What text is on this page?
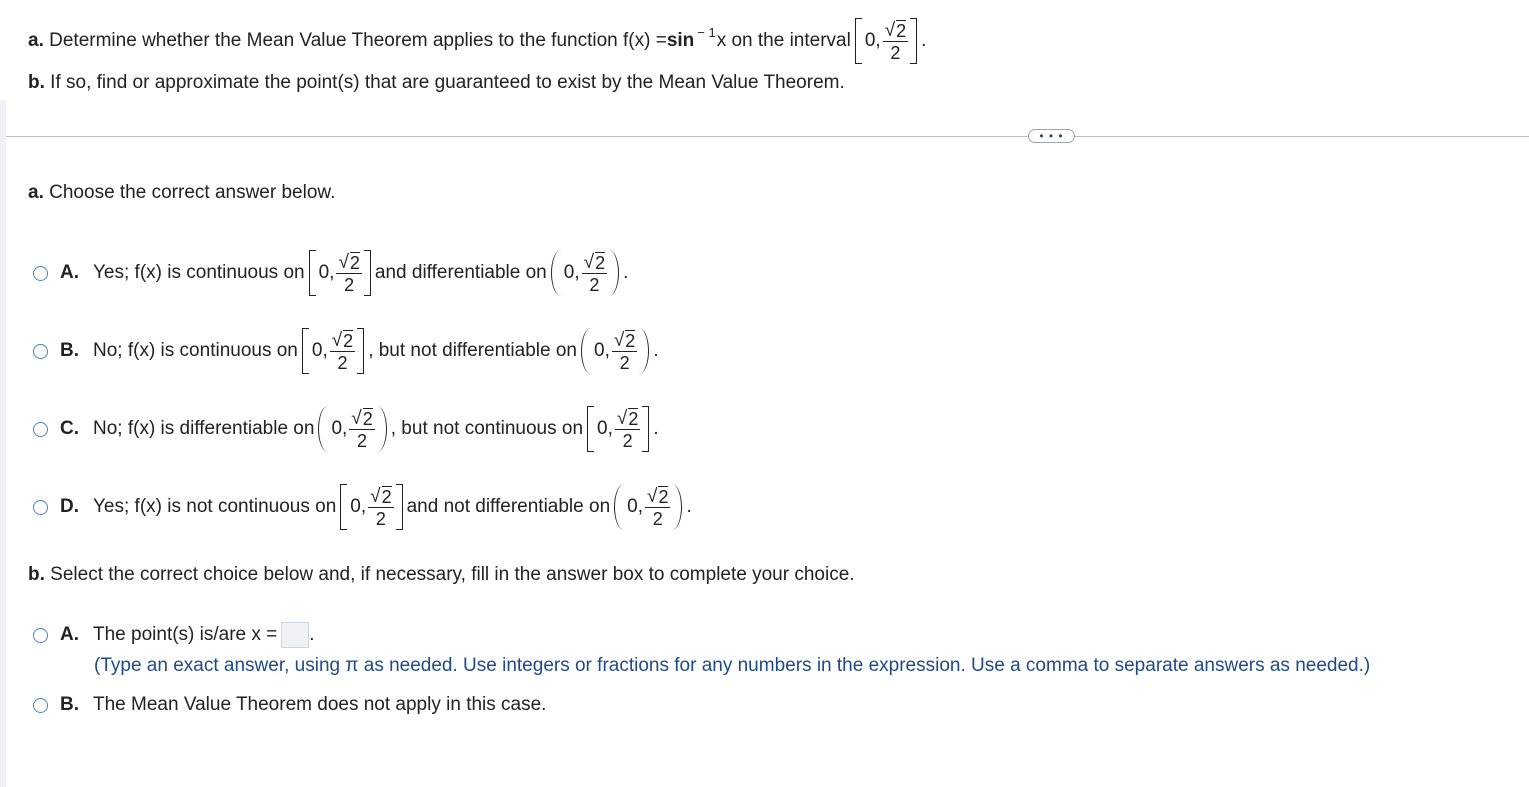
a.
Determine whether the Mean Value Theorem applies to the function $f(x) = \sin^{- 1} x$ on the interval 0, $\frac{√ 2}{2}$ .
b. If so, find or approximate the point(s) that are guaranteed to exist by the Mean Value Theorem.
• • •
a. Choose the correct answer below.
A. Yes; f(x) is continuous on 0, $\frac{√ 2}{2}$ and differentiable on 0, $\frac{√ 2}{2}$ .
B. No; f(x) is continuous on 0, $\frac{√ 2}{2}$ , but not differentiable on 0, $\frac{√ 2}{2}$ .
C. No; f(x) is differentiable on 0, $\frac{√ 2}{2}$ , but not continuous on 0, $\frac{√ 2}{2}$ .
D. Yes; f(x) is not continuous on 0, $\frac{√ 2}{2}$ and not differentiable on 0, $\frac{√ 2}{2}$ .
b. Select the correct choice below and, if necessary, fill in the answer box to complete your choice.
A. The point(s) is/are x = .
(Type an exact answer, using π as needed. Use integers or fractions for any numbers in the expression. Use a comma to separate answers as needed.)
B. The Mean Value Theorem does not apply in this case.
